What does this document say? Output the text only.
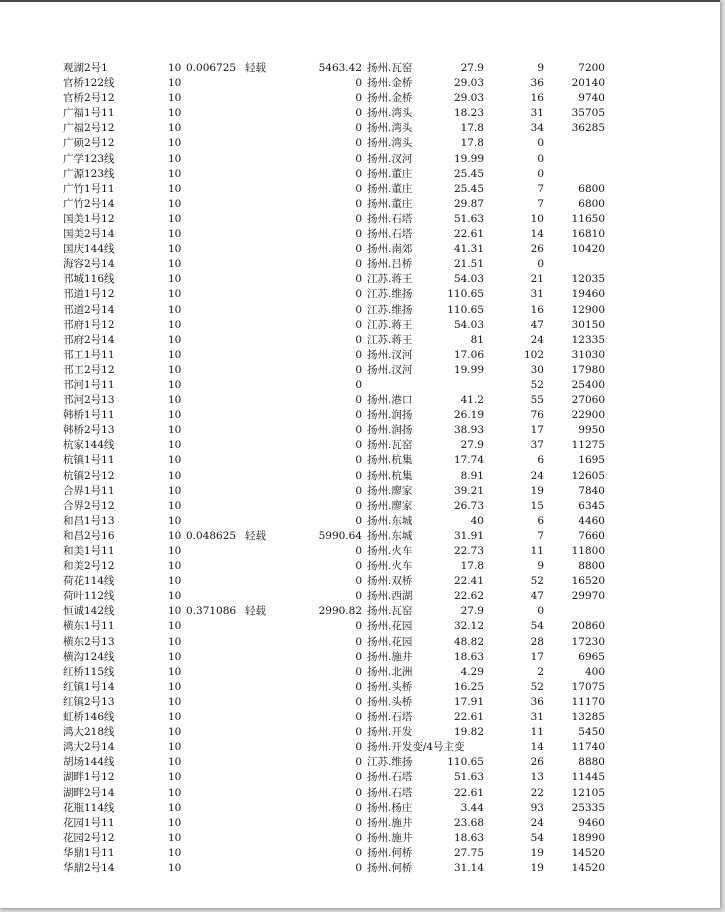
观湖2号1	10 0.006725 轻载	5463.42 扬州.瓦窑	27.9	9	7200
官桥122线	10	0 扬州.金桥	29.03	36	20140
官桥2号12	10	0 扬州.金桥	29.03	16	9740
广福1号11	10	0 扬州.湾头	18.23	31	35705
广福2号12	10	0 扬州.湾头	17.8	34	36285
广硕2号12	10	0 扬州.湾头	17.8	0
广学123线	10	0 扬州.汊河	19.99	0
广源123线	10	0 扬州.董庄	25.45	0
广竹1号11	10	0 扬州.董庄	25.45	7	6800
广竹2号14	10	0 扬州.董庄	29.87	7	6800
国美1号12	10	0 扬州.石塔	51.63	10	11650
国美2号14	10	0 扬州.石塔	22.61	14	16810
国庆144线	10	0 扬州.南郊	41.31	26	10420
海容2号14	10	0 扬州.吕桥	21.51	0
邗城116线	10	0 江苏.蒋王	54.03	21	12035
邗道1号12	10	0 江苏.维扬	110.65	31	19460
邗道2号14	10	0 江苏.维扬	110.65	16	12900
邗府1号12	10	0 江苏.蒋王	54.03	47	30150
邗府2号14	10	0 江苏.蒋王	81	24	12335
邗工1号11	10	0 扬州.汊河	17.06	102	31030
邗工2号12	10	0 扬州.汊河	19.99	30	17980
邗河1号11	10	0	52	25400
邗河2号13	10	0 扬州.港口	41.2	55	27060
韩桥1号11	10	0 扬州.润扬	26.19	76	22900
韩桥2号13	10	0 扬州.润扬	38.93	17	9950
杭家144线	10	0 扬州.瓦窑	27.9	37	11275
杭镇1号11	10	0 扬州.杭集	17.74	6	1695
杭镇2号12	10	0 扬州.杭集	8.91	24	12605
合界1号11	10	0 扬州.廖家	39.21	19	7840
合界2号12	10	0 扬州.廖家	26.73	15	6345
和昌1号13	10	0 扬州.东城	40	6	4460
和昌2号16	10 0.048625 轻载	5990.64 扬州.东城	31.91	7	7660
和美1号11	10	0 扬州.火车	22.73	11	11800
和美2号12	10	0 扬州.火车	17.8	9	8800
荷花114线	10	0 扬州.双桥	22.41	52	16520
荷叶112线	10	0 扬州.西湖	22.62	47	29970
恒诚142线	10 0.371086 轻载	2990.82 扬州.瓦窑	27.9	0
横东1号11	10	0 扬州.花园	32.12	54	20860
横东2号13	10	0 扬州.花园	48.82	28	17230
横沟124线	10	0 扬州.施井	18.63	17	6965
红桥115线	10	0 扬州.北洲	4.29	2	400
红镇1号14	10	0 扬州.头桥	16.25	52	17075
红镇2号13	10	0 扬州.头桥	17.91	36	11170
虹桥146线	10	0 扬州.石塔	22.61	31	13285
鸿大218线	10	0 扬州.开发	19.82	11	5450
鸿大2号14	10	0 扬州.开发变/4号主变	14	11740
胡场144线	10	0 江苏.维扬	110.65	26	8880
湖畔1号12	10	0 扬州.石塔	51.63	13	11445
湖畔2号14	10	0 扬州.石塔	22.61	22	12105
花瓶114线	10	0 扬州.杨庄	3.44	93	25335
花园1号11	10	0 扬州.施井	23.68	24	9460
花园2号12	10	0 扬州.施井	18.63	54	18990
华鼎1号11	10	0 扬州.何桥	27.75	19	14520
华鼎2号14	10	0 扬州.何桥	31.14	19	14520
